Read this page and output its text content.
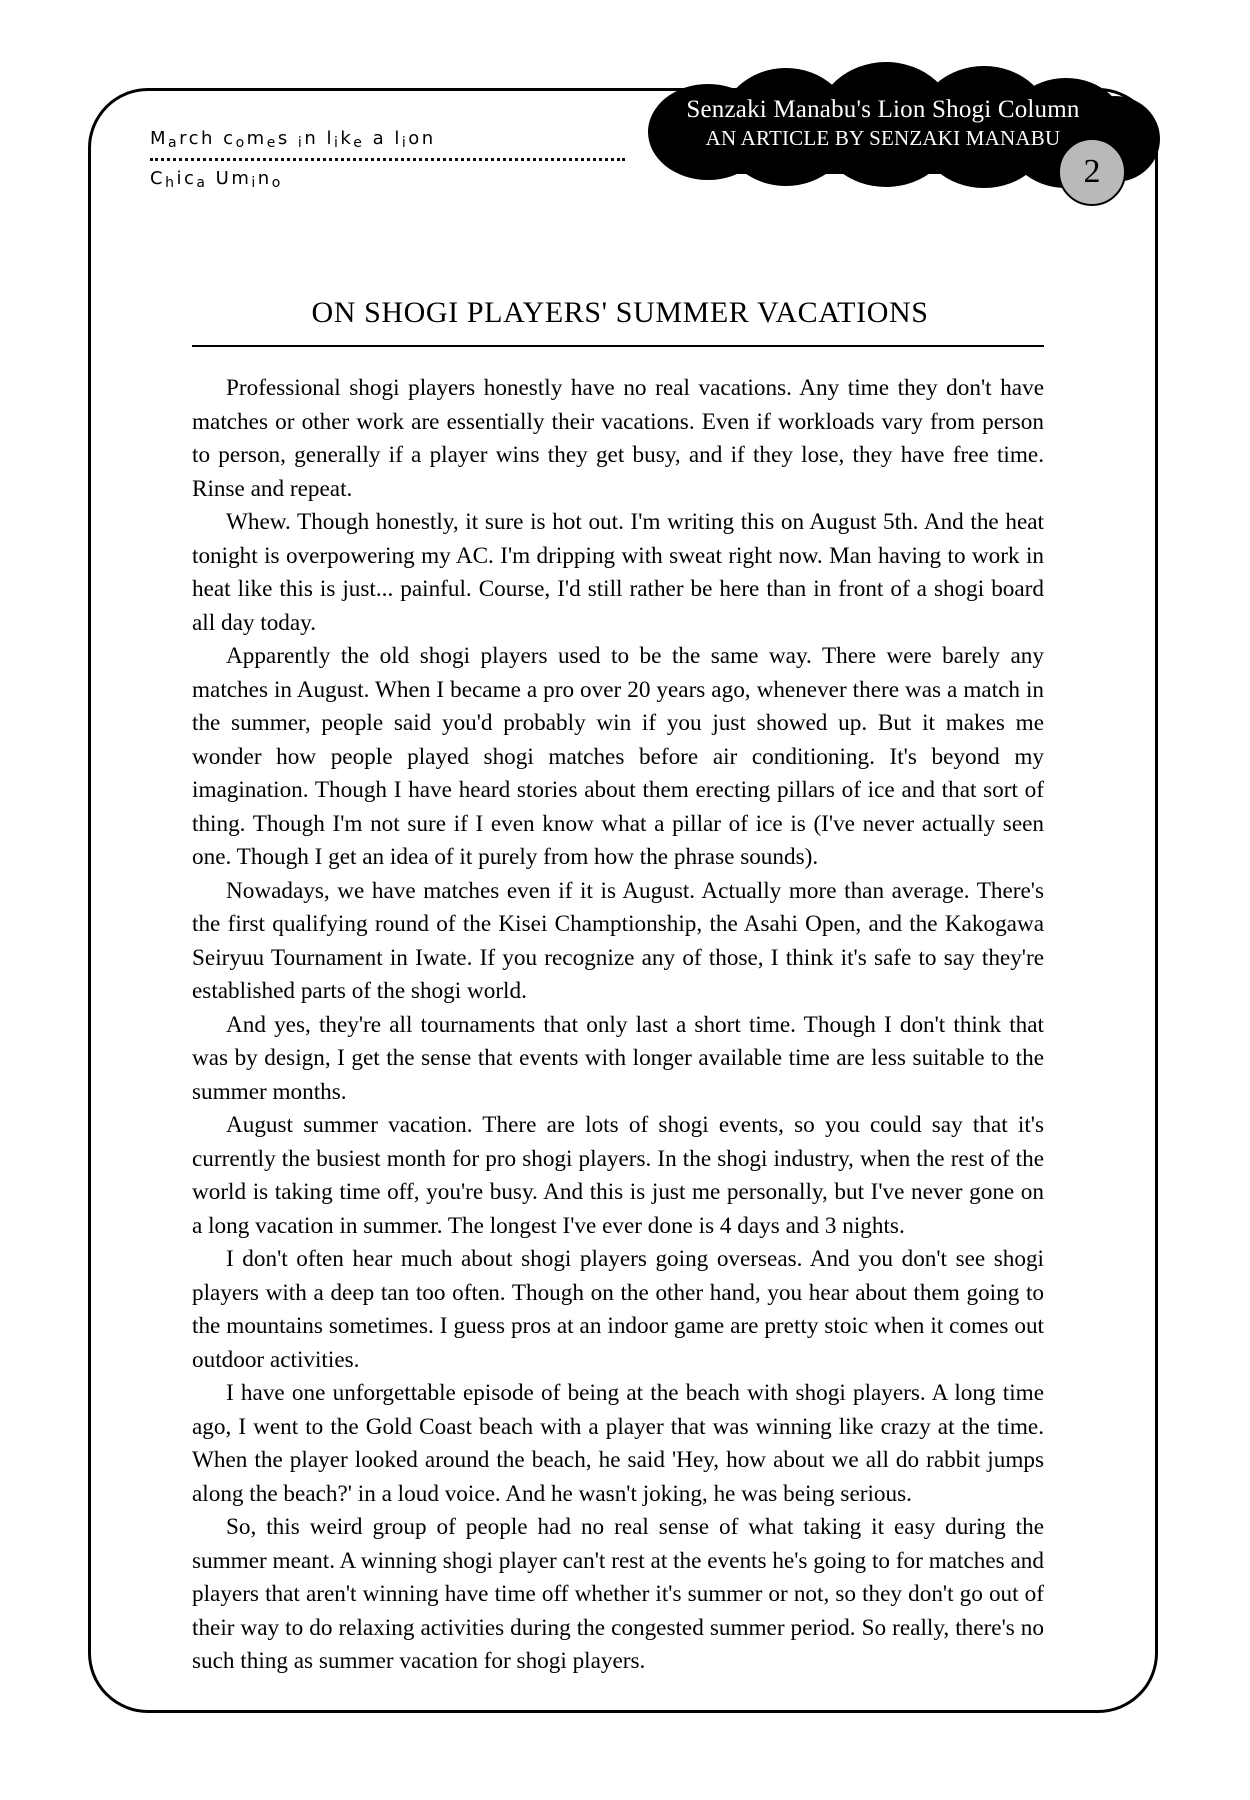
March comes in like a lion
Chica Umino
Senzaki Manabu's Lion Shogi Column
AN ARTICLE BY SENZAKI MANABU
2
ON SHOGI PLAYERS' SUMMER VACATIONS

Professional shogi players honestly have no real vacations. Any time they don't have matches or other work are essentially their vacations. Even if workloads vary from person to person, generally if a player wins they get busy, and if they lose, they have free time. Rinse and repeat.

Whew. Though honestly, it sure is hot out. I'm writing this on August 5th. And the heat tonight is overpowering my AC. I'm dripping with sweat right now. Man having to work in heat like this is just... painful. Course, I'd still rather be here than in front of a shogi board all day today.

Apparently the old shogi players used to be the same way. There were barely any matches in August. When I became a pro over 20 years ago, whenever there was a match in the summer, people said you'd probably win if you just showed up. But it makes me wonder how people played shogi matches before air conditioning. It's beyond my imagination. Though I have heard stories about them erecting pillars of ice and that sort of thing. Though I'm not sure if I even know what a pillar of ice is (I've never actually seen one. Though I get an idea of it purely from how the phrase sounds).

Nowadays, we have matches even if it is August. Actually more than average. There's the first qualifying round of the Kisei Champtionship, the Asahi Open, and the Kakogawa Seiryuu Tournament in Iwate. If you recognize any of those, I think it's safe to say they're established parts of the shogi world.

And yes, they're all tournaments that only last a short time. Though I don't think that was by design, I get the sense that events with longer available time are less suitable to the summer months.

August summer vacation. There are lots of shogi events, so you could say that it's currently the busiest month for pro shogi players. In the shogi industry, when the rest of the world is taking time off, you're busy. And this is just me personally, but I've never gone on a long vacation in summer. The longest I've ever done is 4 days and 3 nights.

I don't often hear much about shogi players going overseas. And you don't see shogi players with a deep tan too often. Though on the other hand, you hear about them going to the mountains sometimes. I guess pros at an indoor game are pretty stoic when it comes out outdoor activities.

I have one unforgettable episode of being at the beach with shogi players. A long time ago, I went to the Gold Coast beach with a player that was winning like crazy at the time. When the player looked around the beach, he said 'Hey, how about we all do rabbit jumps along the beach?' in a loud voice. And he wasn't joking, he was being serious.

So, this weird group of people had no real sense of what taking it easy during the summer meant. A winning shogi player can't rest at the events he's going to for matches and players that aren't winning have time off whether it's summer or not, so they don't go out of their way to do relaxing activities during the congested summer period. So really, there's no such thing as summer vacation for shogi players.
